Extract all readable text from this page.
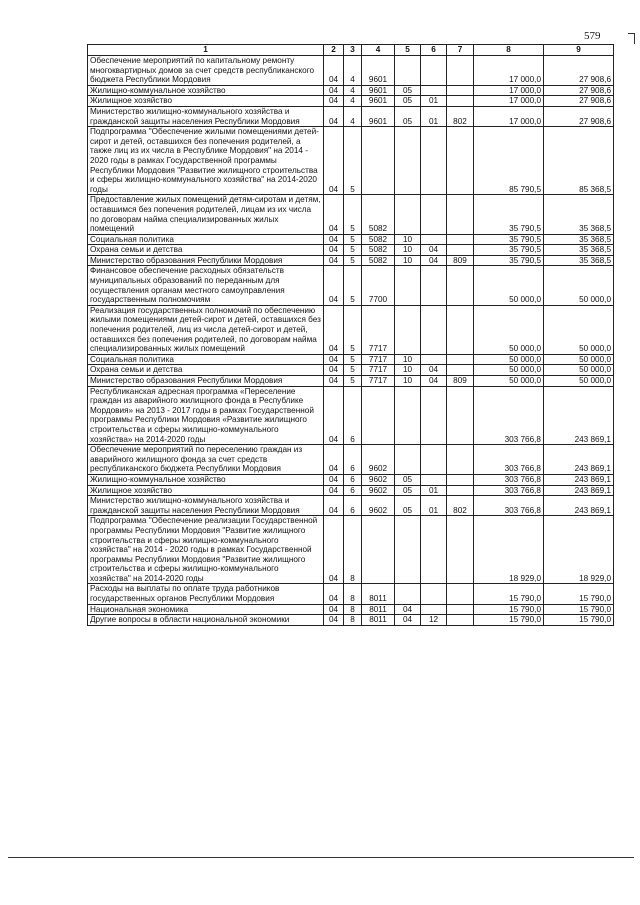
579
1	2	3	4	5	6	7	8	9
Обеспечение мероприятий по капитальному ремонту многоквартирных домов за счет средств республиканского бюджета Республики Мордовия	04	4	9601				17 000,0	27 908,6
Жилищно-коммунальное хозяйство	04	4	9601	05			17 000,0	27 908,6
Жилищное хозяйство	04	4	9601	05	01		17 000,0	27 908,6
Министерство жилищно-коммунального хозяйства и гражданской защиты населения Республики Мордовия	04	4	9601	05	01	802	17 000,0	27 908,6
Подпрограмма "Обеспечение жилыми помещениями детей-сирот и детей, оставшихся без попечения родителей, а также лиц из их числа в Республике Мордовия" на 2014 - 2020 годы в рамках Государственной программы Республики Мордовия "Развитие жилищного строительства и сферы жилищно-коммунального хозяйства" на 2014-2020 годы	04	5					85 790,5	85 368,5
Предоставление жилых помещений детям-сиротам и детям, оставшимся без попечения родителей, лицам из их числа по договорам найма специализированных жилых помещений	04	5	5082				35 790,5	35 368,5
Социальная политика	04	5	5082	10			35 790,5	35 368,5
Охрана семьи и детства	04	5	5082	10	04		35 790,5	35 368,5
Министерство образования Республики Мордовия	04	5	5082	10	04	809	35 790,5	35 368,5
Финансовое обеспечение расходных обязательств муниципальных образований по переданным для осуществления органам местного самоуправления государственным полномочиям	04	5	7700				50 000,0	50 000,0
Реализация государственных полномочий по обеспечению жилыми помещениями детей-сирот и детей, оставшихся без попечения родителей, лиц из числа детей-сирот и детей, оставшихся без попечения родителей, по договорам найма специализированных жилых помещений	04	5	7717				50 000,0	50 000,0
Социальная политика	04	5	7717	10			50 000,0	50 000,0
Охрана семьи и детства	04	5	7717	10	04		50 000,0	50 000,0
Министерство образования Республики Мордовия	04	5	7717	10	04	809	50 000,0	50 000,0
Республиканская адресная программа «Переселение граждан из аварийного жилищного фонда в Республике Мордовия» на 2013 - 2017 годы в рамках Государственной программы Республики Мордовия «Развитие жилищного строительства и сферы жилищно-коммунального хозяйства» на 2014-2020 годы	04	6					303 766,8	243 869,1
Обеспечение мероприятий по переселению граждан из аварийного жилищного фонда за счет средств республиканского бюджета Республики Мордовия	04	6	9602				303 766,8	243 869,1
Жилищно-коммунальное хозяйство	04	6	9602	05			303 766,8	243 869,1
Жилищное хозяйство	04	6	9602	05	01		303 766,8	243 869,1
Министерство жилищно-коммунального хозяйства и гражданской защиты населения Республики Мордовия	04	6	9602	05	01	802	303 766,8	243 869,1
Подпрограмма "Обеспечение реализации Государственной программы Республики Мордовия "Развитие жилищного строительства и сферы жилищно-коммунального хозяйства" на 2014 - 2020 годы в рамках Государственной программы Республики Мордовия "Развитие жилищного строительства и сферы жилищно-коммунального хозяйства" на 2014-2020 годы	04	8					18 929,0	18 929,0
Расходы на выплаты по оплате труда работников государственных органов Республики Мордовия	04	8	8011				15 790,0	15 790,0
Национальная экономика	04	8	8011	04			15 790,0	15 790,0
Другие вопросы в области национальной экономики	04	8	8011	04	12		15 790,0	15 790,0
